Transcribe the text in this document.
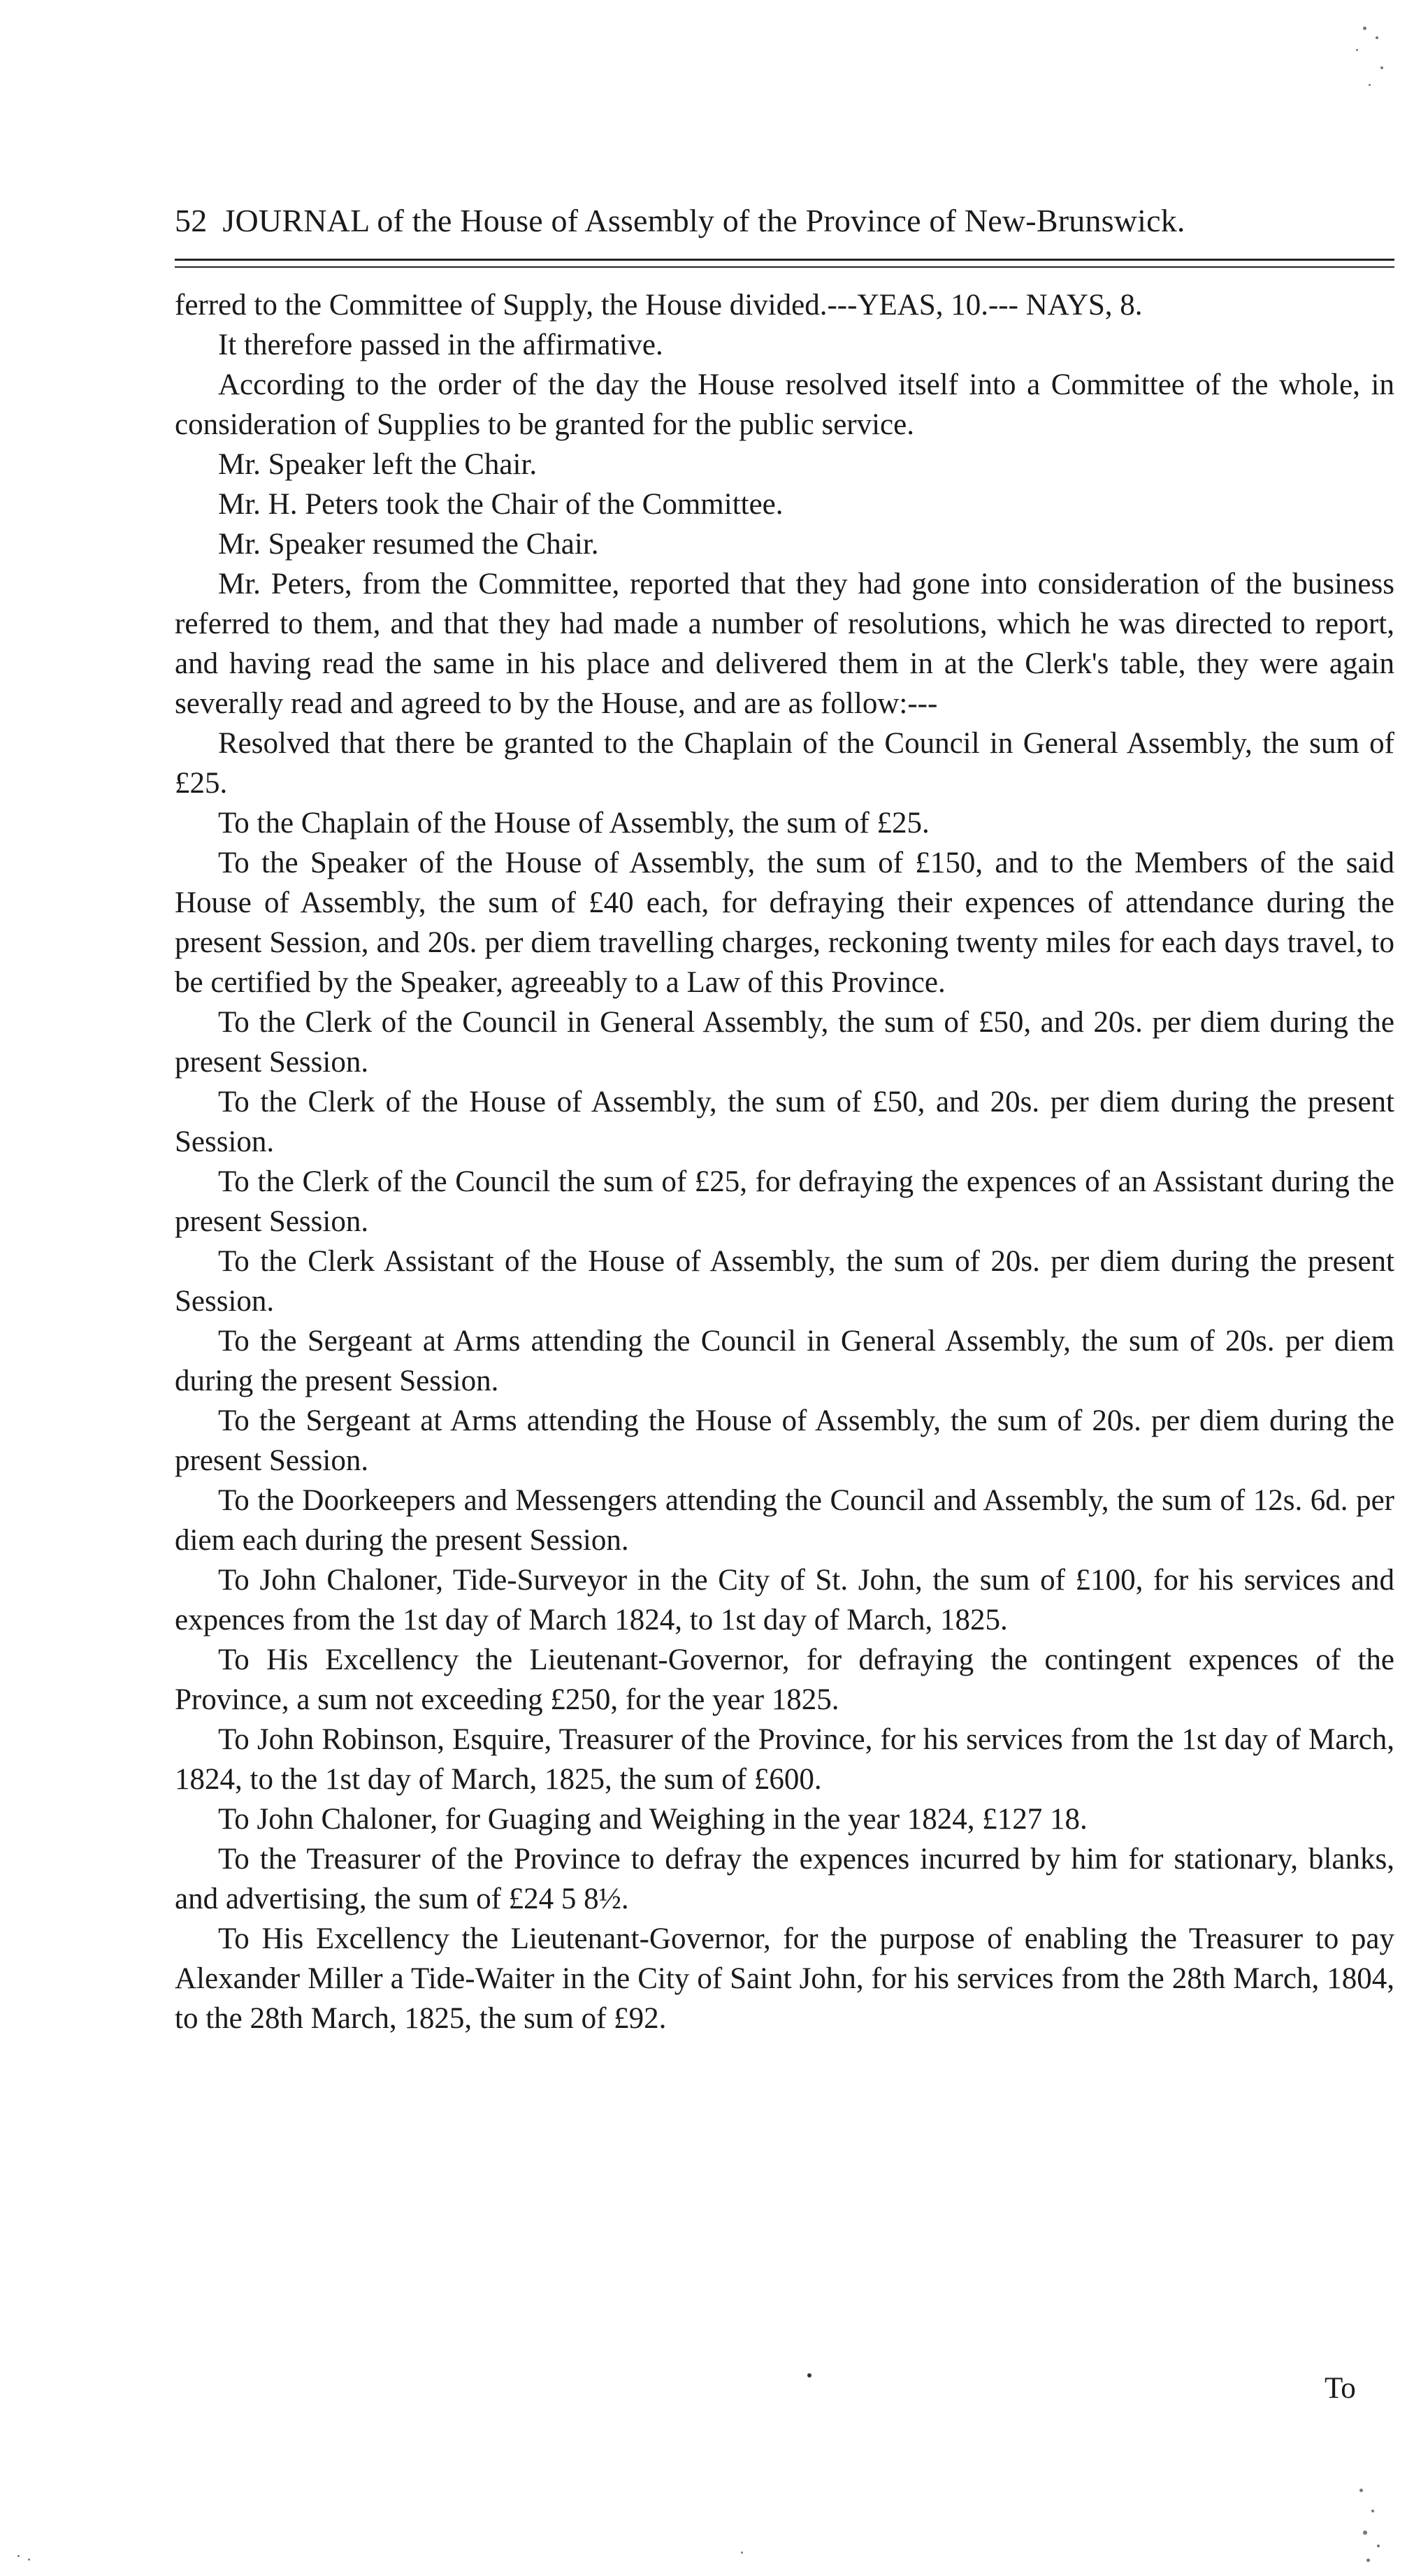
52 JOURNAL of the House of Assembly of the Province of New-Brunswick.

ferred to the Committee of Supply, the House divided.---YEAS, 10.--- NAYS, 8.

It therefore passed in the affirmative.

According to the order of the day the House resolved itself into a Committee of the whole, in consideration of Supplies to be granted for the public service.

Mr. Speaker left the Chair.

Mr. H. Peters took the Chair of the Committee.

Mr. Speaker resumed the Chair.

Mr. Peters, from the Committee, reported that they had gone into consideration of the business referred to them, and that they had made a number of resolutions, which he was directed to report, and having read the same in his place and delivered them in at the Clerk's table, they were again severally read and agreed to by the House, and are as follow:---

Resolved that there be granted to the Chaplain of the Council in General Assembly, the sum of £25.

To the Chaplain of the House of Assembly, the sum of £25.

To the Speaker of the House of Assembly, the sum of £150, and to the Members of the said House of Assembly, the sum of £40 each, for defraying their expences of attendance during the present Session, and 20s. per diem travelling charges, reckoning twenty miles for each days travel, to be certified by the Speaker, agreeably to a Law of this Province.

To the Clerk of the Council in General Assembly, the sum of £50, and 20s. per diem during the present Session.

To the Clerk of the House of Assembly, the sum of £50, and 20s. per diem during the present Session.

To the Clerk of the Council the sum of £25, for defraying the expences of an Assistant during the present Session.

To the Clerk Assistant of the House of Assembly, the sum of 20s. per diem during the present Session.

To the Sergeant at Arms attending the Council in General Assembly, the sum of 20s. per diem during the present Session.

To the Sergeant at Arms attending the House of Assembly, the sum of 20s. per diem during the present Session.

To the Doorkeepers and Messengers attending the Council and Assembly, the sum of 12s. 6d. per diem each during the present Session.

To John Chaloner, Tide-Surveyor in the City of St. John, the sum of £100, for his services and expences from the 1st day of March 1824, to 1st day of March, 1825.

To His Excellency the Lieutenant-Governor, for defraying the contingent expences of the Province, a sum not exceeding £250, for the year 1825.

To John Robinson, Esquire, Treasurer of the Province, for his services from the 1st day of March, 1824, to the 1st day of March, 1825, the sum of £600.

To John Chaloner, for Guaging and Weighing in the year 1824, £127 18.

To the Treasurer of the Province to defray the expences incurred by him for stationary, blanks, and advertising, the sum of £24 5 8½.

To His Excellency the Lieutenant-Governor, for the purpose of enabling the Treasurer to pay Alexander Miller a Tide-Waiter in the City of Saint John, for his services from the 28th March, 1804, to the 28th March, 1825, the sum of £92.

To
